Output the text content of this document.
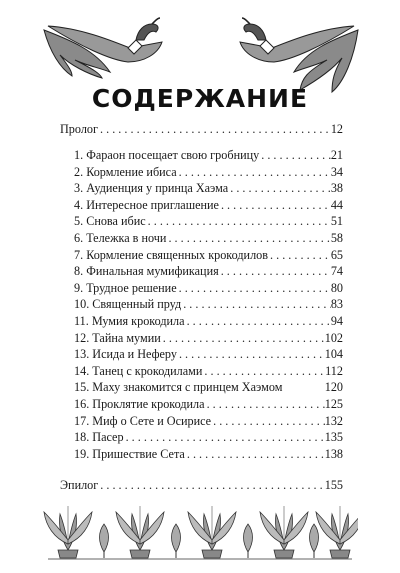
СОДЕРЖАНИЕ
Пролог . . .	12
1. Фараон посещает свою гробницу . . .	21
2. Кормление ибиса . . .	34
3. Аудиенция у принца Хаэма . . .	38
4. Интересное приглашение . . .	44
5. Снова ибис . . .	51
6. Тележка в ночи . . .	58
7. Кормление священных крокодилов . . .	65
8. Финальная мумификация . . .	74
9. Трудное решение . . .	80
10. Священный пруд . . .	83
11. Мумия крокодила . . .	94
12. Тайна мумии . . .	102
13. Исида и Неферу . . .	104
14. Танец с крокодилами . . .	112
15. Маху знакомится с принцем Хаэмом	120
16. Проклятие крокодила . . .	125
17. Миф о Сете и Осирисе . . .	132
18. Пасер . . .	135
19. Пришествие Сета . . .	138
Эпилог . . .	155
